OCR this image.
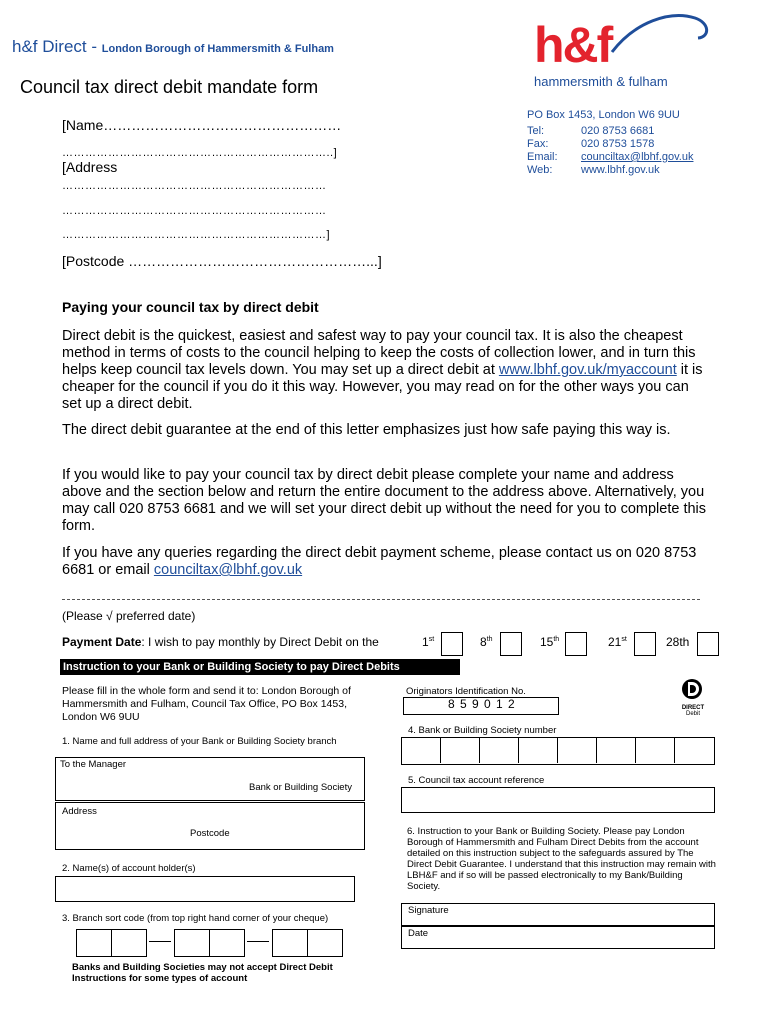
h&f Direct - London Borough of Hammersmith & Fulham	h&f
hammersmith & fulham
Council tax direct debit mandate form
PO Box 1453, London W6 9UU
Tel:	020 8753 6681
Fax:	020 8753 1578
Email: counciltax@lbhf.gov.uk
Web:	www.lbhf.gov.uk
[Name……………………………………………
……………………………………………………………..]
[Address
……………………………………………………………
……………………………………………………………
……………………………………………………………]
[Postcode ……………………………………………...]
Paying your council tax by direct debit
Direct debit is the quickest, easiest and safest way to pay your council tax. It is also the cheapest method in terms of costs to the council helping to keep the costs of collection lower, and in turn this helps keep council tax levels down. You may set up a direct debit at www.lbhf.gov.uk/myaccount it is cheaper for the council if you do it this way. However, you may read on for the other ways you can set up a direct debit.
The direct debit guarantee at the end of this letter emphasizes just how safe paying this way is.
If you would like to pay your council tax by direct debit please complete your name and address above and the section below and return the entire document to the address above. Alternatively, you may call 020 8753 6681 and we will set your direct debit up without the need for you to complete this form.
If you have any queries regarding the direct debit payment scheme, please contact us on 020 8753 6681 or email counciltax@lbhf.gov.uk
(Please √ preferred date)
Payment Date: I wish to pay monthly by Direct Debit on the	1st	8th	15th	21st	28th
Instruction to your Bank or Building Society to pay Direct Debits
Please fill in the whole form and send it to: London Borough of Hammersmith and Fulham, Council Tax Office, PO Box 1453, London W6 9UU
1. Name and full address of your Bank or Building Society branch
To the Manager
Bank or Building Society
Address
Postcode
2. Name(s) of account holder(s)
3. Branch sort code (from top right hand corner of your cheque)
Banks and Building Societies may not accept Direct Debit Instructions for some types of account
Originators Identification No.
8 5 9 0 1 2	DIRECT
Debit
4. Bank or Building Society number
5. Council tax account reference
6. Instruction to your Bank or Building Society. Please pay London Borough of Hammersmith and Fulham Direct Debits from the account detailed on this instruction subject to the safeguards assured by The Direct Debit Guarantee. I understand that this instruction may remain with LBH&F and if so will be passed electronically to my Bank/Building Society.
Signature
Date
